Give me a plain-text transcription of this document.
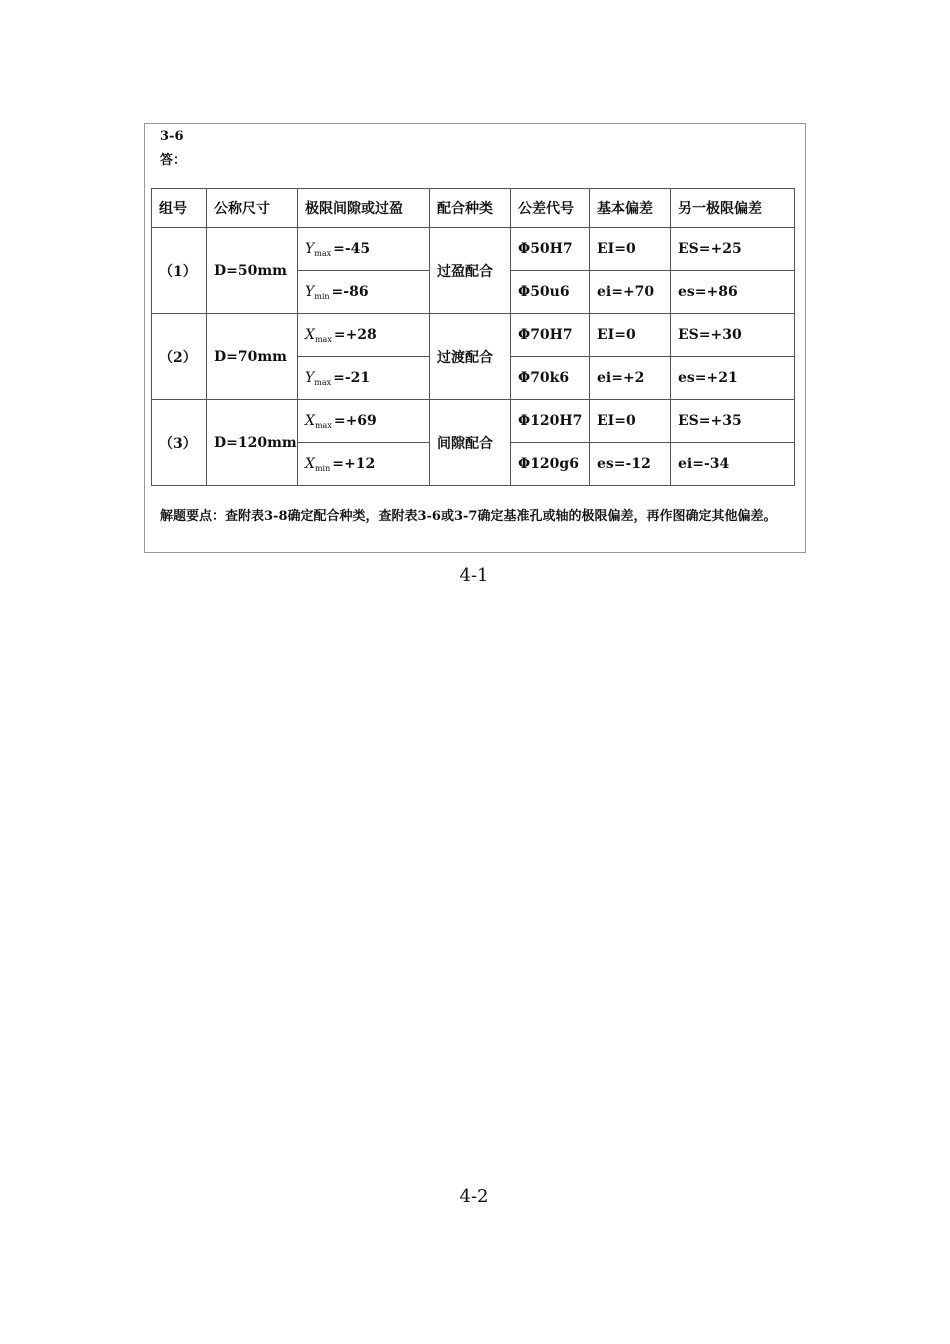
3-6
答：
组号	公称尺寸	极限间隙或过盈	配合种类	公差代号	基本偏差	另一极限偏差
（1）	D=50mm	$Y_{max} =-45$	过盈配合	Φ50H7	EI=0	ES=+25
		$Y_{min} =-86$		Φ50u6	ei=+70	es=+86
（2）	D=70mm	$X_{max} =+28$	过渡配合	Φ70H7	EI=0	ES=+30
		$Y_{max} =-21$		Φ70k6	ei=+2	es=+21
（3）	D=120mm	$X_{max} =+69$	间隙配合	Φ120H7	EI=0	ES=+35
		$X_{min} =+12$		Φ120g6	es=-12	ei=-34
解题要点：查附表3-8确定配合种类，查附表3-6或3-7确定基准孔或轴的极限偏差，再作图确定其他偏差。
4-1
4-2
